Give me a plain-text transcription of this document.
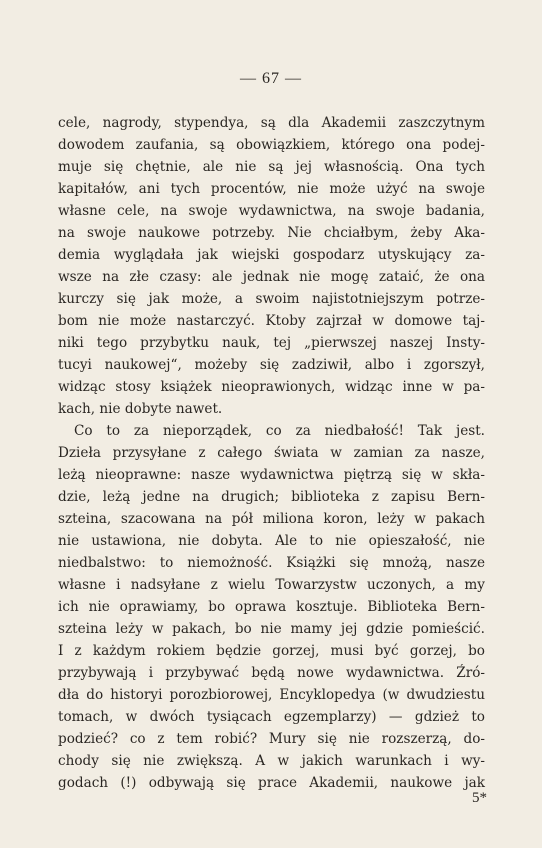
— 67 —
cele, nagrody, stypendya, są dla Akademii zaszczytnym
dowodem zaufania, są obowiązkiem, którego ona podej-
muje się chętnie, ale nie są jej własnością. Ona tych
kapitałów, ani tych procentów, nie może użyć na swoje
własne cele, na swoje wydawnictwa, na swoje badania,
na swoje naukowe potrzeby. Nie chciałbym, żeby Aka-
demia wyglądała jak wiejski gospodarz utyskujący za-
wsze na złe czasy: ale jednak nie mogę zataić, że ona
kurczy się jak może, a swoim najistotniejszym potrze-
bom nie może nastarczyć. Ktoby zajrzał w domowe taj-
niki tego przybytku nauk, tej „pierwszej naszej Insty-
tucyi naukowej“, możeby się zadziwił, albo i zgorszył,
widząc stosy książek nieoprawionych, widząc inne w pa-
kach, nie dobyte nawet.
Co to za nieporządek, co za niedbałość! Tak jest.
Dzieła przysyłane z całego świata w zamian za nasze,
leżą nieoprawne: nasze wydawnictwa piętrzą się w skła-
dzie, leżą jedne na drugich; biblioteka z zapisu Bern-
szteina, szacowana na pół miliona koron, leży w pakach
nie ustawiona, nie dobyta. Ale to nie opieszałość, nie
niedbalstwo: to niemożność. Książki się mnożą, nasze
własne i nadsyłane z wielu Towarzystw uczonych, a my
ich nie oprawiamy, bo oprawa kosztuje. Biblioteka Bern-
szteina leży w pakach, bo nie mamy jej gdzie pomieścić.
I z każdym rokiem będzie gorzej, musi być gorzej, bo
przybywają i przybywać będą nowe wydawnictwa. Źró-
dła do historyi porozbiorowej, Encyklopedya (w dwudziestu
tomach, w dwóch tysiącach egzemplarzy) — gdzież to
podzieć? co z tem robić? Mury się nie rozszerzą, do-
chody się nie zwiększą. A w jakich warunkach i wy-
godach (!) odbywają się prace Akademii, naukowe jak
5*
